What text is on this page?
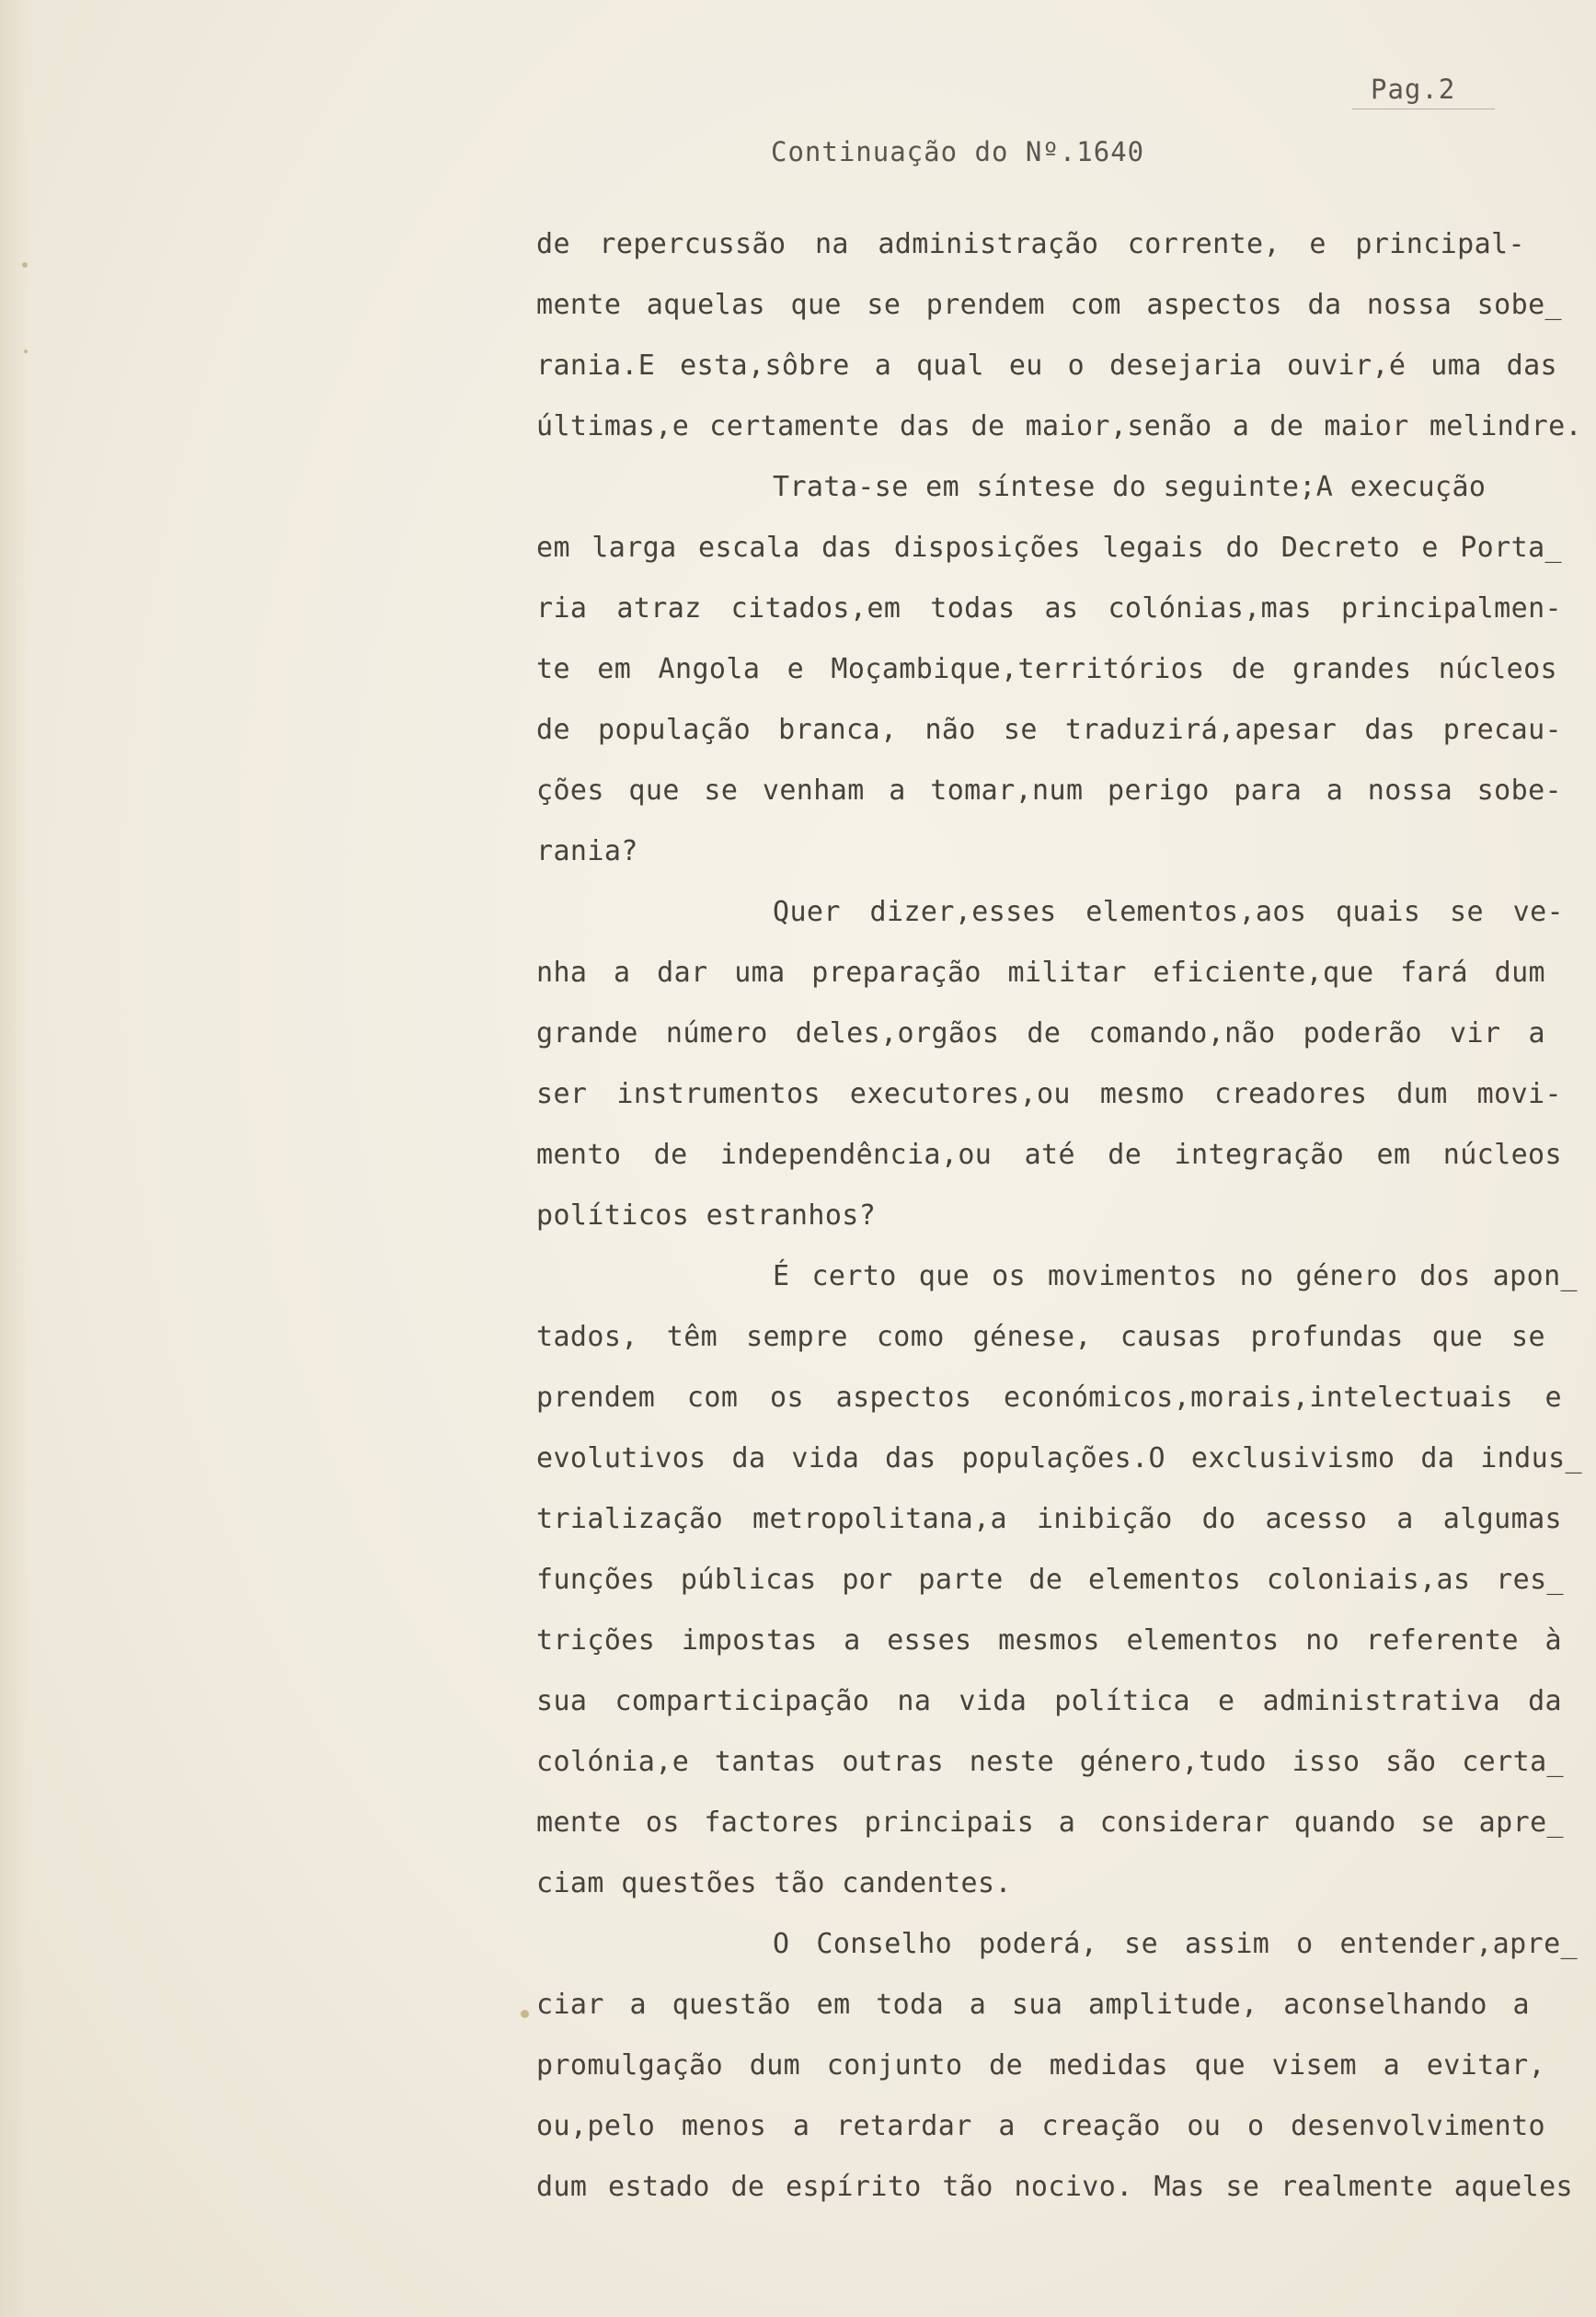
Pag.2
Continuação do Nº.1640
de repercussão na administração corrente, e principal-
mente aquelas que se prendem com aspectos da nossa sobe_
rania.E esta,sôbre a qual eu o desejaria ouvir,é uma das
últimas,e certamente das de maior,senão a de maior melindre.
Trata-se em síntese do seguinte;A execução
em larga escala das disposições legais do Decreto e Porta_
ria atraz citados,em todas as colónias,mas principalmen-
te em Angola e Moçambique,territórios de grandes núcleos
de população branca, não se traduzirá,apesar das precau-
ções que se venham a tomar,num perigo para a nossa sobe-
rania?
Quer dizer,esses elementos,aos quais se ve-
nha a dar uma preparação militar eficiente,que fará dum
grande número deles,orgãos de comando,não poderão vir a
ser instrumentos executores,ou mesmo creadores dum movi-
mento de independência,ou até de integração em núcleos
políticos estranhos?
É certo que os movimentos no género dos apon_
tados, têm sempre como génese, causas profundas que se
prendem com os aspectos económicos,morais,intelectuais e
evolutivos da vida das populações.O exclusivismo da indus_
trialização metropolitana,a inibição do acesso a algumas
funções públicas por parte de elementos coloniais,as res_
trições impostas a esses mesmos elementos no referente à
sua comparticipação na vida política e administrativa da
colónia,e tantas outras neste género,tudo isso são certa_
mente os factores principais a considerar quando se apre_
ciam questões tão candentes.
O Conselho poderá, se assim o entender,apre_
ciar a questão em toda a sua amplitude, aconselhando a
promulgação dum conjunto de medidas que visem a evitar,
ou,pelo menos a retardar a creação ou o desenvolvimento
dum estado de espírito tão nocivo. Mas se realmente aqueles
